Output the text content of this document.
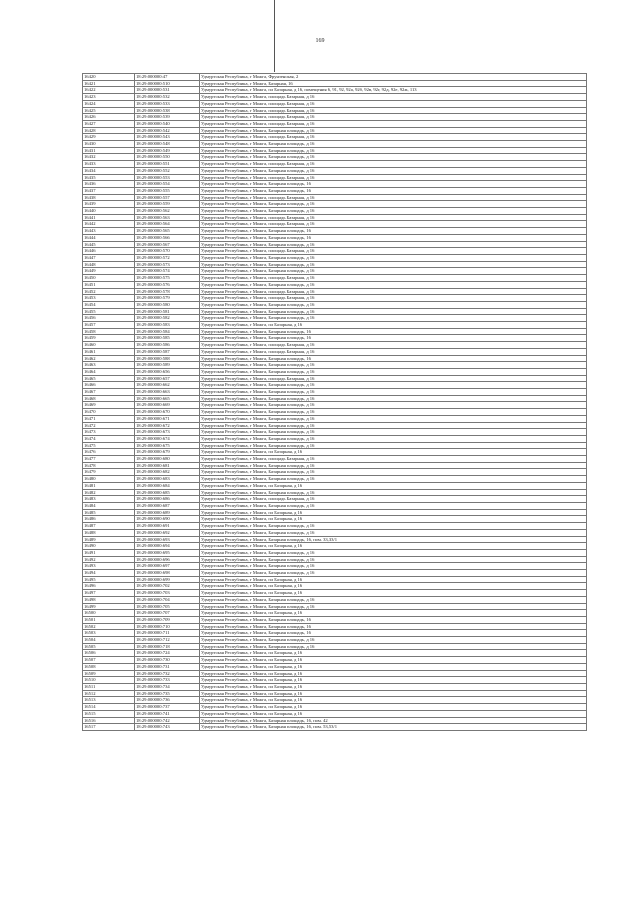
169
16420	18:29:000000:47	Удмуртская Республика, г Можга, Фрунзенская, 2
16421	18:29:000000:510	Удмуртская Республика, г Можга, Базарная, 16
16422	18:29:000000:531	Удмуртская Республика, г Можга, пл Базарная, д 16, помещения 6, 91, 92, 92а, 92б, 92в, 92г, 92д, 92е, 92ж, 113
16423	18:29:000000:532	Удмуртская Республика, г Можга, площадь Базарная, д 16
16424	18:29:000000:533	Удмуртская Республика, г Можга, площадь Базарная, д 16
16425	18:29:000000:538	Удмуртская Республика, г Можга, площадь Базарная, д 16
16426	18:29:000000:539	Удмуртская Республика, г Можга, площадь Базарная, д 16
16427	18:29:000000:540	Удмуртская Республика, г Можга, площадь Базарная, д 16
16428	18:29:000000:542	Удмуртская Республика, г Можга, Базарная площадь, д 16
16429	18:29:000000:543	Удмуртская Республика, г Можга, площадь Базарная, д 16
16430	18:29:000000:548	Удмуртская Республика, г Можга, Базарная площадь, д 16
16431	18:29:000000:549	Удмуртская Республика, г Можга, Базарная площадь, д 16
16432	18:29:000000:550	Удмуртская Республика, г Можга, Базарная площадь, д 16
16433	18:29:000000:551	Удмуртская Республика, г Можга, площадь Базарная, д 16
16434	18:29:000000:552	Удмуртская Республика, г Можга, Базарная площадь, д 16
16435	18:29:000000:553	Удмуртская Республика, г Можга, площадь Базарная, д 16
16436	18:29:000000:554	Удмуртская Республика, г Можга, Базарная площадь, 16
16437	18:29:000000:555	Удмуртская Республика, г Можга, Базарная площадь, 16
16438	18:29:000000:557	Удмуртская Республика, г Можга, площадь Базарная, д 16
16439	18:29:000000:559	Удмуртская Республика, г Можга, Базарная площадь, д 16
16440	18:29:000000:562	Удмуртская Республика, г Можга, Базарная площадь, д 16
16441	18:29:000000:563	Удмуртская Республика, г Можга, площадь Базарная, д 16
16442	18:29:000000:564	Удмуртская Республика, г Можга, площадь Базарная, д 16
16443	18:29:000000:565	Удмуртская Республика, г Можга, Базарная площадь, 16
16444	18:29:000000:566	Удмуртская Республика, г Можга, Базарная площадь, 16
16445	18:29:000000:567	Удмуртская Республика, г Можга, Базарная площадь, д 16
16446	18:29:000000:570	Удмуртская Республика, г Можга, площадь Базарная, д 16
16447	18:29:000000:572	Удмуртская Республика, г Можга, Базарная площадь, д 16
16448	18:29:000000:573	Удмуртская Республика, г Можга, Базарная площадь, д 16
16449	18:29:000000:574	Удмуртская Республика, г Можга, Базарная площадь, д 16
16450	18:29:000000:575	Удмуртская Республика, г Можга, площадь Базарная, д 16
16451	18:29:000000:576	Удмуртская Республика, г Можга, Базарная площадь, д 16
16452	18:29:000000:578	Удмуртская Республика, г Можга, площадь Базарная, д 16
16453	18:29:000000:579	Удмуртская Республика, г Можга, площадь Базарная, д 16
16454	18:29:000000:580	Удмуртская Республика, г Можга, Базарная площадь, д 16
16455	18:29:000000:581	Удмуртская Республика, г Можга, Базарная площадь, д 16
16456	18:29:000000:582	Удмуртская Республика, г Можга, Базарная площадь, д 16
16457	18:29:000000:583	Удмуртская Республика, г Можга, пл Базарная, д 16
16458	18:29:000000:584	Удмуртская Республика, г Можга, Базарная площадь, 16
16459	18:29:000000:585	Удмуртская Республика, г Можга, Базарная площадь, 16
16460	18:29:000000:586	Удмуртская Республика, г Можга, площадь Базарная, д 16
16461	18:29:000000:587	Удмуртская Республика, г Можга, площадь Базарная, д 16
16462	18:29:000000:588	Удмуртская Республика, г Можга, Базарная площадь, 16
16463	18:29:000000:589	Удмуртская Республика, г Можга, Базарная площадь, д 16
16464	18:29:000000:656	Удмуртская Республика, г Можга, Базарная площадь, д 16
16465	18:29:000000:657	Удмуртская Республика, г Можга, площадь Базарная, д 16
16466	18:29:000000:662	Удмуртская Республика, г Можга, Базарная площадь, д 16
16467	18:29:000000:663	Удмуртская Республика, г Можга, Базарная площадь, д 16
16468	18:29:000000:665	Удмуртская Республика, г Можга, Базарная площадь, д 16
16469	18:29:000000:669	Удмуртская Республика, г Можга, Базарная площадь, д 16
16470	18:29:000000:670	Удмуртская Республика, г Можга, Базарная площадь, д 16
16471	18:29:000000:671	Удмуртская Республика, г Можга, Базарная площадь, д 16
16472	18:29:000000:672	Удмуртская Республика, г Можга, Базарная площадь, д 16
16473	18:29:000000:673	Удмуртская Республика, г Можга, Базарная площадь, д 16
16474	18:29:000000:674	Удмуртская Республика, г Можга, Базарная площадь, д 16
16475	18:29:000000:675	Удмуртская Республика, г Можга, Базарная площадь, д 16
16476	18:29:000000:679	Удмуртская Республика, г Можга, пл Базарная, д 16
16477	18:29:000000:680	Удмуртская Республика, г Можга, площадь Базарная, д 16
16478	18:29:000000:681	Удмуртская Республика, г Можга, Базарная площадь, д 16
16479	18:29:000000:682	Удмуртская Республика, г Можга, Базарная площадь, д 16
16480	18:29:000000:683	Удмуртская Республика, г Можга, Базарная площадь, д 16
16481	18:29:000000:684	Удмуртская Республика, г Можга, пл Базарная, д 16
16482	18:29:000000:685	Удмуртская Республика, г Можга, Базарная площадь, д 16
16483	18:29:000000:686	Удмуртская Республика, г Можга, площадь Базарная, д 16
16484	18:29:000000:687	Удмуртская Республика, г Можга, Базарная площадь, д 16
16485	18:29:000000:689	Удмуртская Республика, г Можга, пл Базарная, д 16
16486	18:29:000000:690	Удмуртская Республика, г Можга, пл Базарная, д 16
16487	18:29:000000:691	Удмуртская Республика, г Можга, Базарная площадь, д 16
16488	18:29:000000:692	Удмуртская Республика, г Можга, Базарная площадь, д 16
16489	18:29:000000:693	Удмуртская Республика, г Можга, Базарная площадь, 16, пом. 33,33/1
16490	18:29:000000:694	Удмуртская Республика, г Можга, пл Базарная, д 16
16491	18:29:000000:695	Удмуртская Республика, г Можга, Базарная площадь, д 16
16492	18:29:000000:696	Удмуртская Республика, г Можга, Базарная площадь, д 16
16493	18:29:000000:697	Удмуртская Республика, г Можга, Базарная площадь, д 16
16494	18:29:000000:698	Удмуртская Республика, г Можга, Базарная площадь, д 16
16495	18:29:000000:699	Удмуртская Республика, г Можга, пл Базарная, д 16
16496	18:29:000000:702	Удмуртская Республика, г Можга, пл Базарная, д 16
16497	18:29:000000:703	Удмуртская Республика, г Можга, пл Базарная, д 16
16498	18:29:000000:704	Удмуртская Республика, г Можга, Базарная площадь, д 16
16499	18:29:000000:705	Удмуртская Республика, г Можга, Базарная площадь, д 16
16500	18:29:000000:707	Удмуртская Республика, г Можга, пл Базарная, д 16
16501	18:29:000000:709	Удмуртская Республика, г Можга, Базарная площадь, 16
16502	18:29:000000:710	Удмуртская Республика, г Можга, Базарная площадь, 16
16503	18:29:000000:711	Удмуртская Республика, г Можга, Базарная площадь, 16
16504	18:29:000000:712	Удмуртская Республика, г Можга, Базарная площадь, д 16
16505	18:29:000000:718	Удмуртская Республика, г Можга, Базарная площадь, д 16
16506	18:29:000000:724	Удмуртская Республика, г Можга, пл Базарная, д 16
16507	18:29:000000:730	Удмуртская Республика, г Можга, пл Базарная, д 16
16508	18:29:000000:731	Удмуртская Республика, г Можга, пл Базарная, д 16
16509	18:29:000000:732	Удмуртская Республика, г Можга, пл Базарная, д 16
16510	18:29:000000:733	Удмуртская Республика, г Можга, пл Базарная, д 16
16511	18:29:000000:734	Удмуртская Республика, г Можга, пл Базарная, д 16
16512	18:29:000000:735	Удмуртская Республика, г Можга, пл Базарная, д 16
16513	18:29:000000:736	Удмуртская Республика, г Можга, пл Базарная, д 16
16514	18:29:000000:737	Удмуртская Республика, г Можга, пл Базарная, д 16
16515	18:29:000000:741	Удмуртская Республика, г Можга, пл Базарная, д 16
16516	18:29:000000:742	Удмуртская Республика, г Можга, Базарная площадь, 16, пом. 42
16517	18:29:000000:743	Удмуртская Республика, г Можга, Базарная площадь, 16, пом. 53,53/1
